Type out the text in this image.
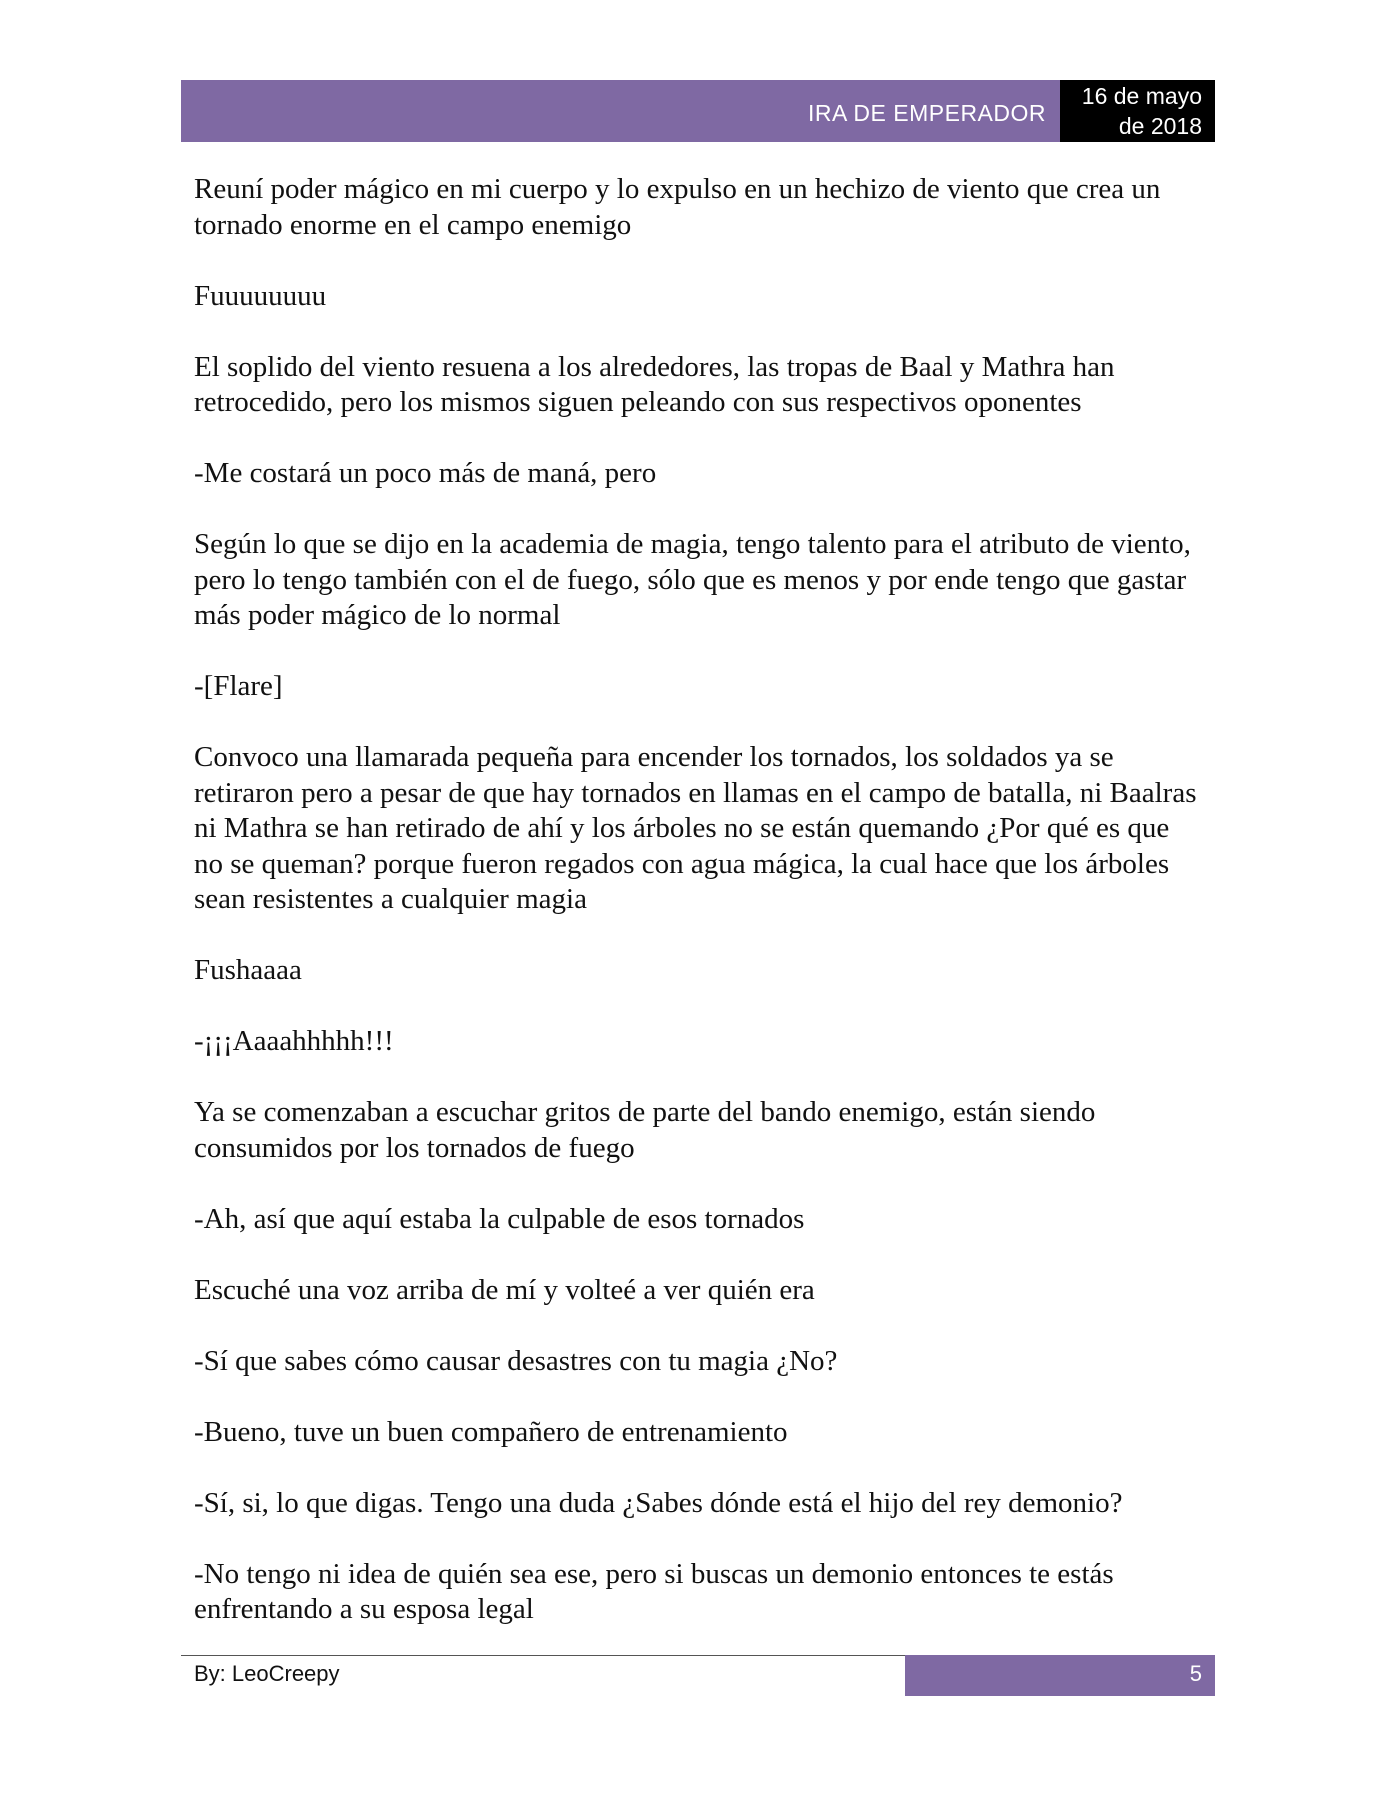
IRA DE EMPERADOR
16 de mayo
de 2018

Reuní poder mágico en mi cuerpo y lo expulso en un hechizo de viento que crea un tornado enorme en el campo enemigo

Fuuuuuuuu

El soplido del viento resuena a los alrededores, las tropas de Baal y Mathra han retrocedido, pero los mismos siguen peleando con sus respectivos oponentes

-Me costará un poco más de maná, pero

Según lo que se dijo en la academia de magia, tengo talento para el atributo de viento, pero lo tengo también con el de fuego, sólo que es menos y por ende tengo que gastar más poder mágico de lo normal

-[Flare]

Convoco una llamarada pequeña para encender los tornados, los soldados ya se retiraron pero a pesar de que hay tornados en llamas en el campo de batalla, ni Baalras ni Mathra se han retirado de ahí y los árboles no se están quemando ¿Por qué es que no se queman? porque fueron regados con agua mágica, la cual hace que los árboles sean resistentes a cualquier magia

Fushaaaa

-¡¡¡Aaaahhhhh!!!

Ya se comenzaban a escuchar gritos de parte del bando enemigo, están siendo consumidos por los tornados de fuego

-Ah, así que aquí estaba la culpable de esos tornados

Escuché una voz arriba de mí y volteé a ver quién era

-Sí que sabes cómo causar desastres con tu magia ¿No?

-Bueno, tuve un buen compañero de entrenamiento

-Sí, si, lo que digas. Tengo una duda ¿Sabes dónde está el hijo del rey demonio?

-No tengo ni idea de quién sea ese, pero si buscas un demonio entonces te estás enfrentando a su esposa legal

By: LeoCreepy	5
